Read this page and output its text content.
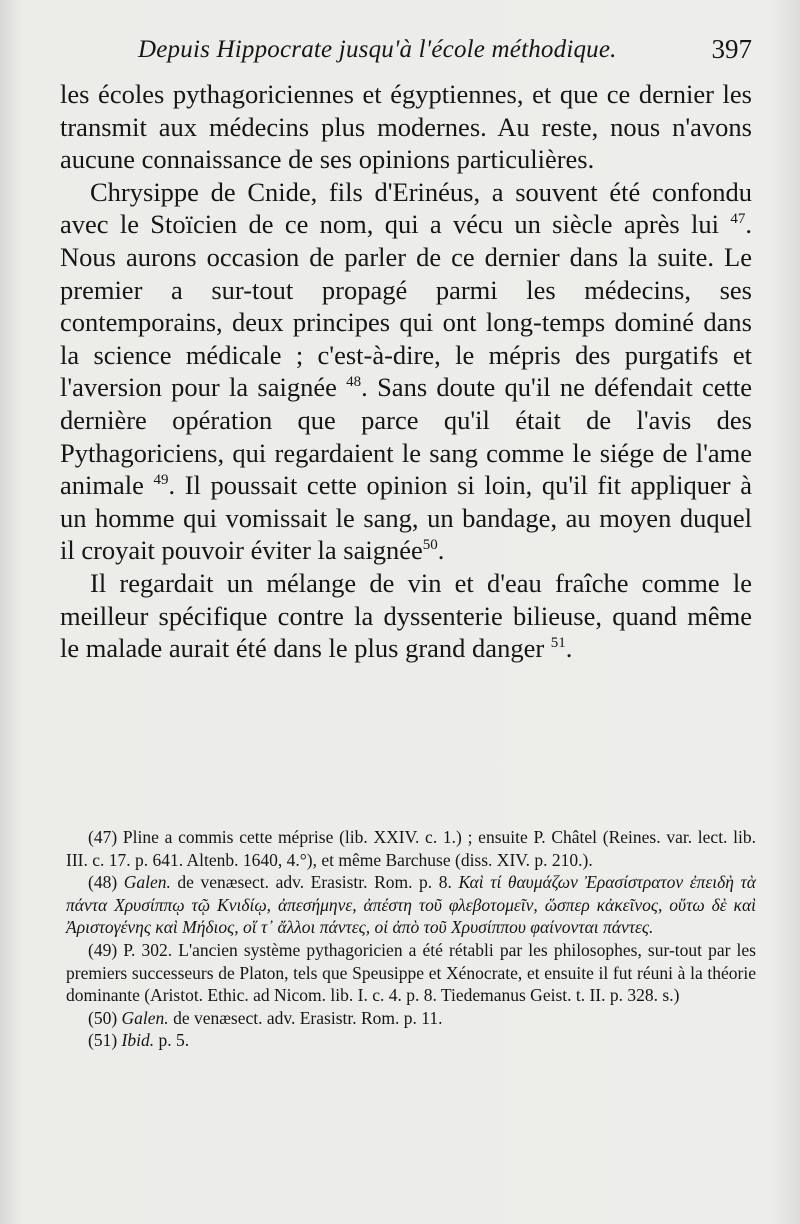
Depuis Hippocrate jusqu'à l'école méthodique.	397

les écoles pythagoriciennes et égyptiennes, et que ce dernier les transmit aux médecins plus modernes. Au reste, nous n'avons aucune connaissance de ses opinions particulières.

Chrysippe de Cnide, fils d'Erinéus, a souvent été confondu avec le Stoïcien de ce nom, qui a vécu un siècle après lui $^{47}$. Nous aurons occasion de parler de ce dernier dans la suite. Le premier a sur-tout propagé parmi les médecins, ses contemporains, deux principes qui ont long-temps dominé dans la science médicale ; c'est-à-dire, le mépris des purgatifs et l'aversion pour la saignée $^{48}$. Sans doute qu'il ne défendait cette dernière opération que parce qu'il était de l'avis des Pythagoriciens, qui regardaient le sang comme le siége de l'ame animale $^{49}$. Il poussait cette opinion si loin, qu'il fit appliquer à un homme qui vomissait le sang, un bandage, au moyen duquel il croyait pouvoir éviter la saignée$^{50}$.

Il regardait un mélange de vin et d'eau fraîche comme le meilleur spécifique contre la dyssenterie bilieuse, quand même le malade aurait été dans le plus grand danger $^{51}$.

(47) Pline a commis cette méprise (lib. XXIV. c. 1.) ; ensuite P. Châtel (Reines. var. lect. lib. III. c. 17. p. 641. Altenb. 1640, 4.°), et même Barchuse (diss. XIV. p. 210.).

(48) Galen. de venæsect. adv. Erasistr. Rom. p. 8. Καὶ τί θαυμάζων Ἐρασίστρατον ἐπειδὴ τὰ πάντα Χρυσίππῳ τῷ Κνιδίῳ, ἀπεσήμηνε, ἀπέστη τοῦ φλεβοτομεῖν, ὥσπερ κἀκεῖνος, οὕτω δὲ καὶ Ἀριστογένης καὶ Μήδιος, οἵ τ᾽ ἄλλοι πάντες, οἱ ἀπὸ τοῦ Χρυσίππου φαίνονται πάντες.

(49) P. 302. L'ancien système pythagoricien a été rétabli par les philosophes, sur-tout par les premiers successeurs de Platon, tels que Speusippe et Xénocrate, et ensuite il fut réuni à la théorie dominante (Aristot. Ethic. ad Nicom. lib. I. c. 4. p. 8. Tiedemanus Geist. t. II. p. 328. s.)

(50) Galen. de venæsect. adv. Erasistr. Rom. p. 11.

(51) Ibid. p. 5.
